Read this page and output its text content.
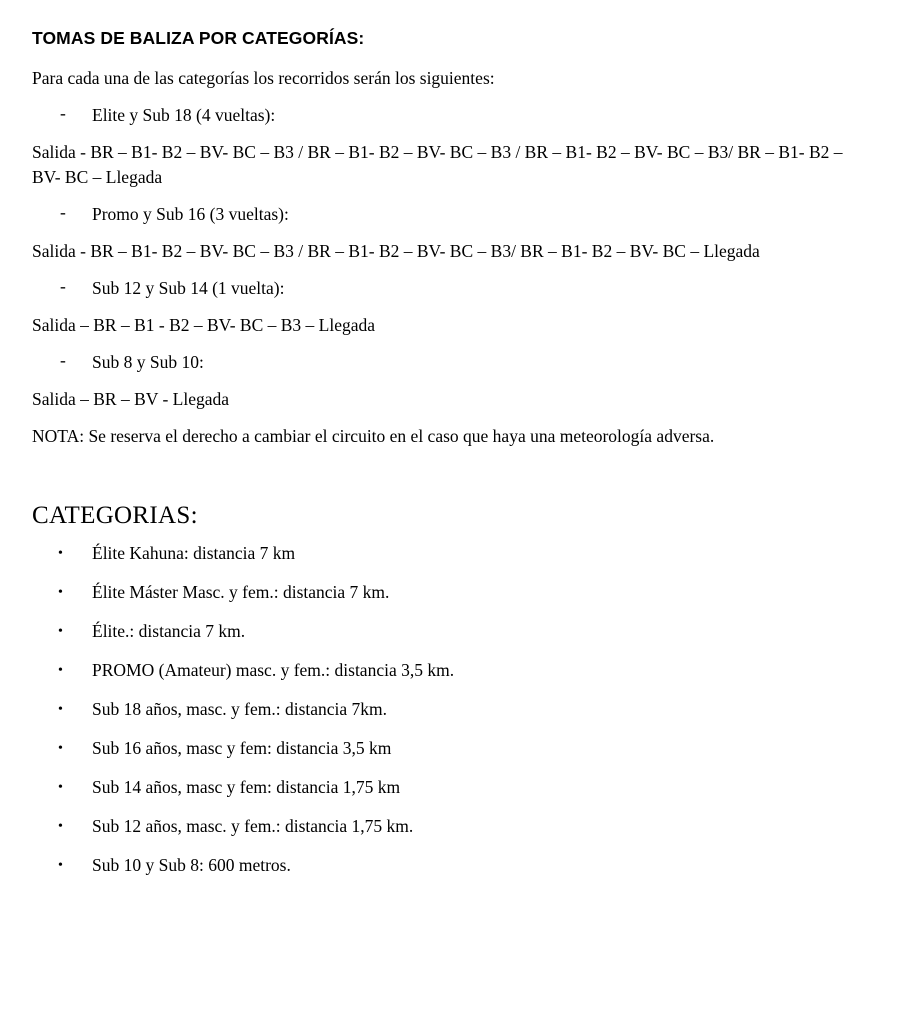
TOMAS DE BALIZA POR CATEGORÍAS:

Para cada una de las categorías los recorridos serán los siguientes:

- Elite y Sub 18 (4 vueltas):

Salida - BR – B1- B2 – BV- BC – B3 / BR – B1- B2 – BV- BC – B3 / BR – B1- B2 – BV- BC – B3/ BR – B1- B2 – BV- BC – Llegada

- Promo y Sub 16 (3 vueltas):

Salida - BR – B1- B2 – BV- BC – B3 / BR – B1- B2 – BV- BC – B3/ BR – B1- B2 – BV- BC – Llegada

- Sub 12 y Sub 14 (1 vuelta):

Salida – BR – B1 - B2 – BV- BC – B3 – Llegada

- Sub 8 y Sub 10:

Salida – BR – BV - Llegada

NOTA: Se reserva el derecho a cambiar el circuito en el caso que haya una meteorología adversa.

CATEGORIAS:
• Élite Kahuna: distancia 7 km
• Élite Máster Masc. y fem.: distancia 7 km.
• Élite.: distancia 7 km.
• PROMO (Amateur) masc. y fem.: distancia 3,5 km.
• Sub 18 años, masc. y fem.: distancia 7km.
• Sub 16 años, masc y fem: distancia 3,5 km
• Sub 14 años, masc y fem: distancia 1,75 km
• Sub 12 años, masc. y fem.: distancia 1,75 km.
• Sub 10 y Sub 8: 600 metros.
